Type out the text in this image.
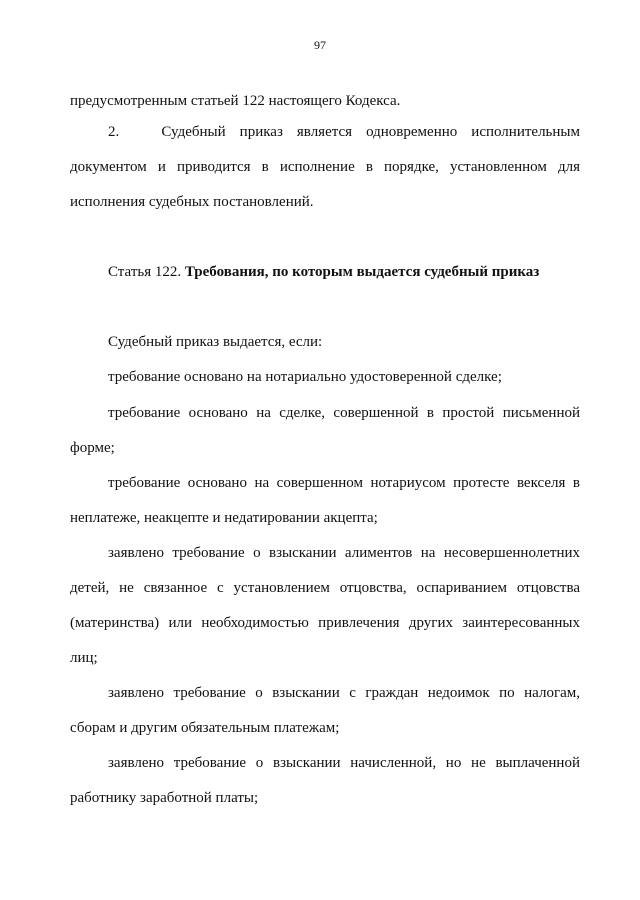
97
предусмотренным статьей 122 настоящего Кодекса.
2.   Судебный приказ является одновременно исполнительным
документом и приводится в исполнение в порядке, установленном для
исполнения судебных постановлений.
Статья 122. Требования, по которым выдается судебный приказ
Судебный приказ выдается, если:
требование основано на нотариально удостоверенной сделке;
требование основано на сделке, совершенной в простой письменной
форме;
требование основано на совершенном нотариусом протесте векселя в
неплатеже, неакцепте и недатировании акцепта;
заявлено требование о взыскании алиментов на несовершеннолетних
детей, не связанное с установлением отцовства, оспариванием отцовства
(материнства) или необходимостью привлечения других заинтересованных
лиц;
заявлено требование о взыскании с граждан недоимок по налогам,
сборам и другим обязательным платежам;
заявлено требование о взыскании начисленной, но не выплаченной
работнику заработной платы;
